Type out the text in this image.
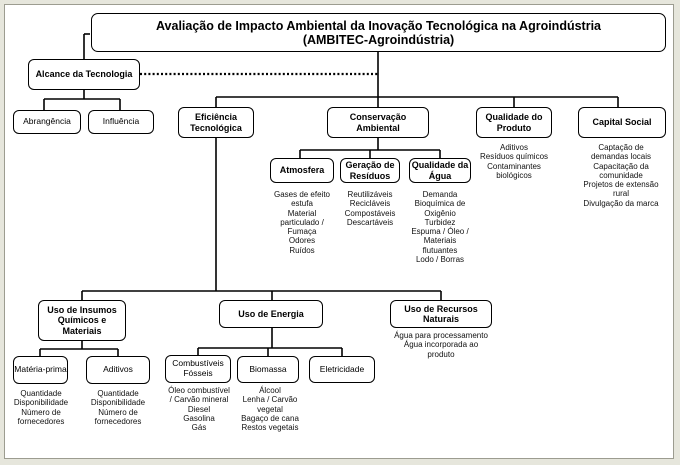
Avaliação de Impacto Ambiental da Inovação Tecnológica na Agroindústria
(AMBITEC-Agroindústria)
Alcance da Tecnologia
Abrangência	Influência	Eficiência Tecnológica
Conservação Ambiental
Qualidade do Produto
Capital Social
Atmosfera
Geração de Resíduos
Qualidade da Água
Gases de efeito
estufa
Material
particulado /
Fumaça
Odores
Ruídos
Reutilizáveis
Recicláveis
Compostáveis
Descartáveis
Demanda
Bioquímica de
Oxigênio
Turbidez
Espuma / Óleo /
Materiais
flutuantes
Lodo / Borras
Aditivos
Resíduos químicos
Contaminantes
biológicos
Captação de
demandas locais
Capacitação da
comunidade
Projetos de extensão
rural
Divulgação da marca
Uso de Insumos Químicos e Materiais
Uso de Energia
Uso de Recursos Naturais
Matéria-prima	Aditivos
Quantidade
Disponibilidade
Número de
fornecedores
Quantidade
Disponibilidade
Número de
fornecedores
Combustíveis Fósseis	Biomassa	Eletricidade
Óleo combustível
/ Carvão mineral
Diesel
Gasolina
Gás
Álcool
Lenha / Carvão
vegetal
Bagaço de cana
Restos vegetais
Água para processamento
Água incorporada ao
produto
